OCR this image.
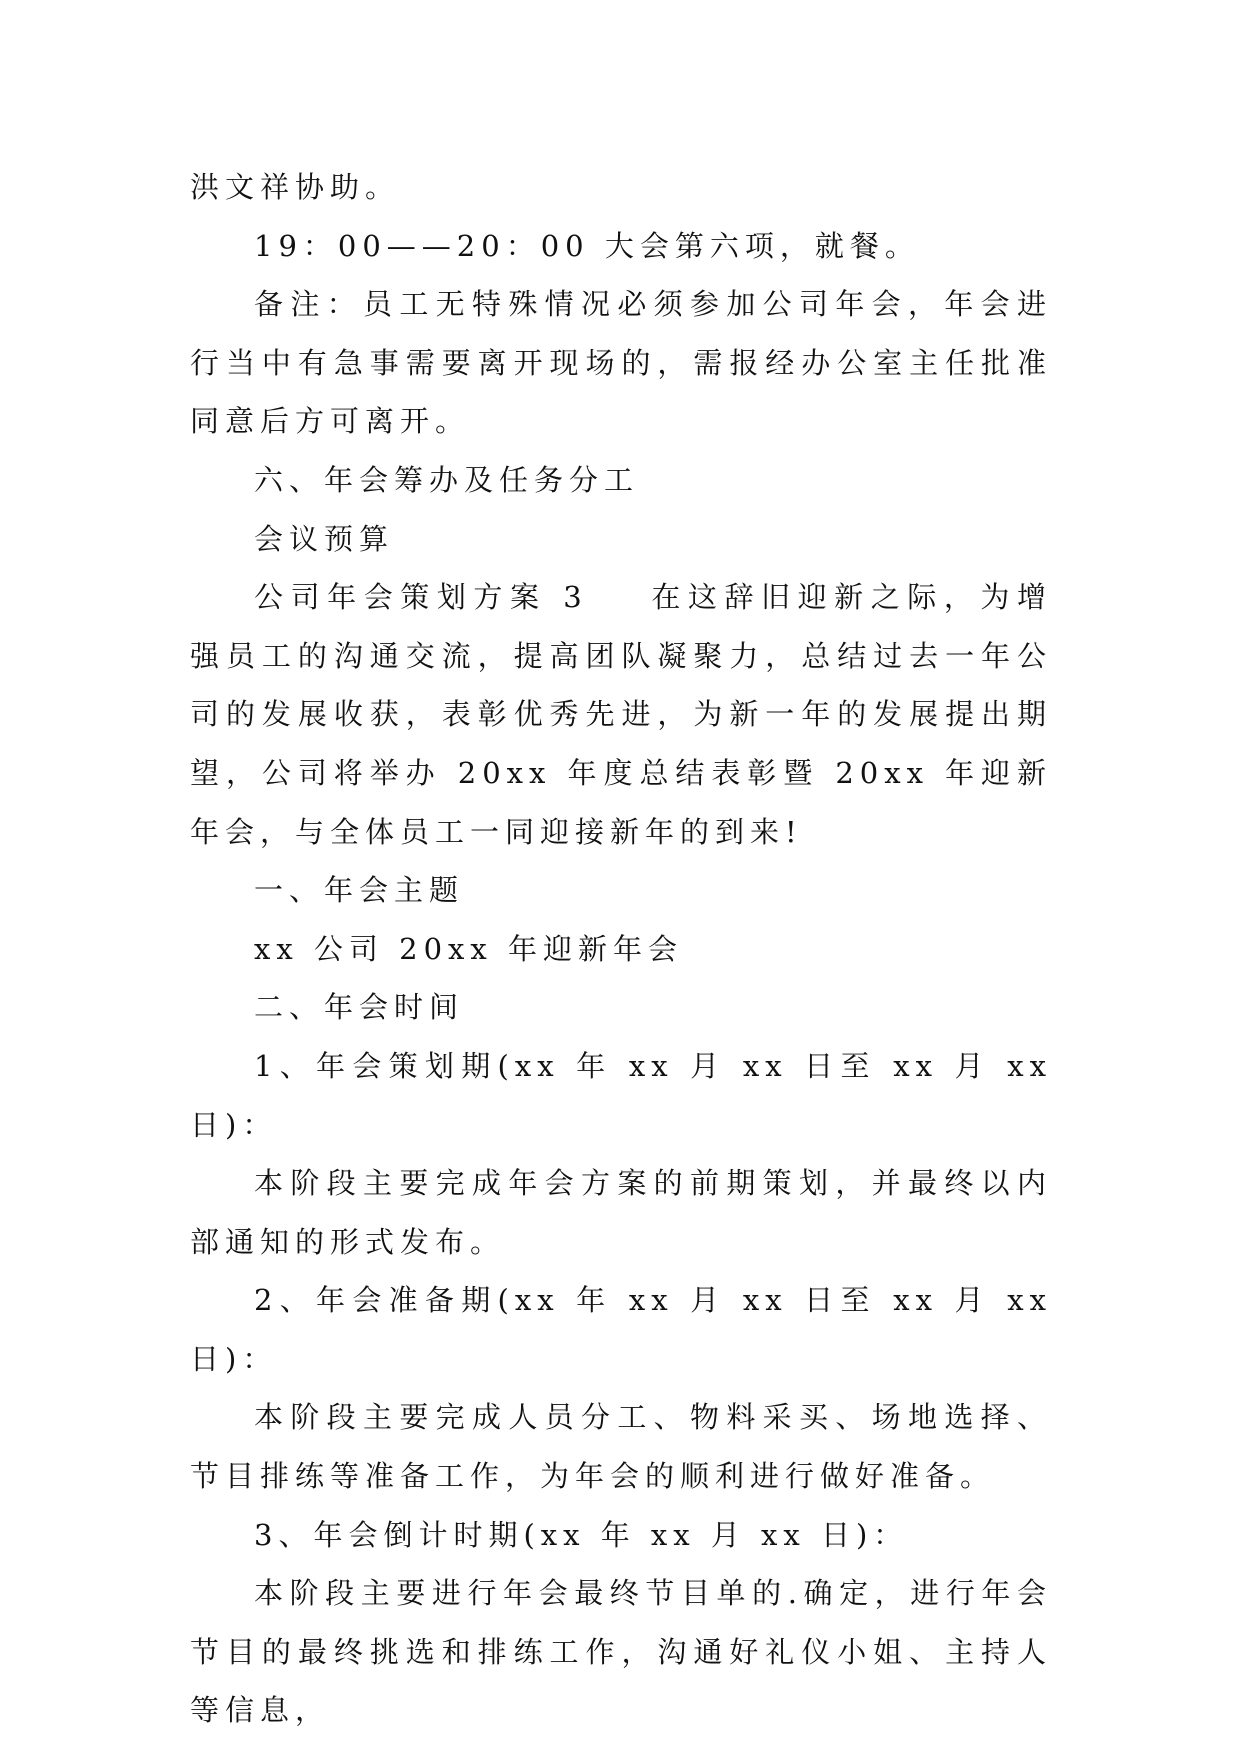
洪文祥协助。

19：00——20：00 大会第六项，就餐。

备注：员工无特殊情况必须参加公司年会，年会进行当中有急事需要离开现场的，需报经办公室主任批准同意后方可离开。

六、年会筹办及任务分工

会议预算

公司年会策划方案 3 在这辞旧迎新之际，为增强员工的沟通交流，提高团队凝聚力，总结过去一年公司的发展收获，表彰优秀先进，为新一年的发展提出期望，公司将举办 20xx 年度总结表彰暨 20xx 年迎新年会，与全体员工一同迎接新年的到来!

一、年会主题

xx 公司 20xx 年迎新年会

二、年会时间

1、年会策划期(xx 年 xx 月 xx 日至 xx 月 xx 日)：

本阶段主要完成年会方案的前期策划，并最终以内部通知的形式发布。

2、年会准备期(xx 年 xx 月 xx 日至 xx 月 xx 日)：

本阶段主要完成人员分工、物料采买、场地选择、节目排练等准备工作，为年会的顺利进行做好准备。

3、年会倒计时期(xx 年 xx 月 xx 日)：

本阶段主要进行年会最终节目单的.确定，进行年会节目的最终挑选和排练工作，沟通好礼仪小姐、主持人等信息，
